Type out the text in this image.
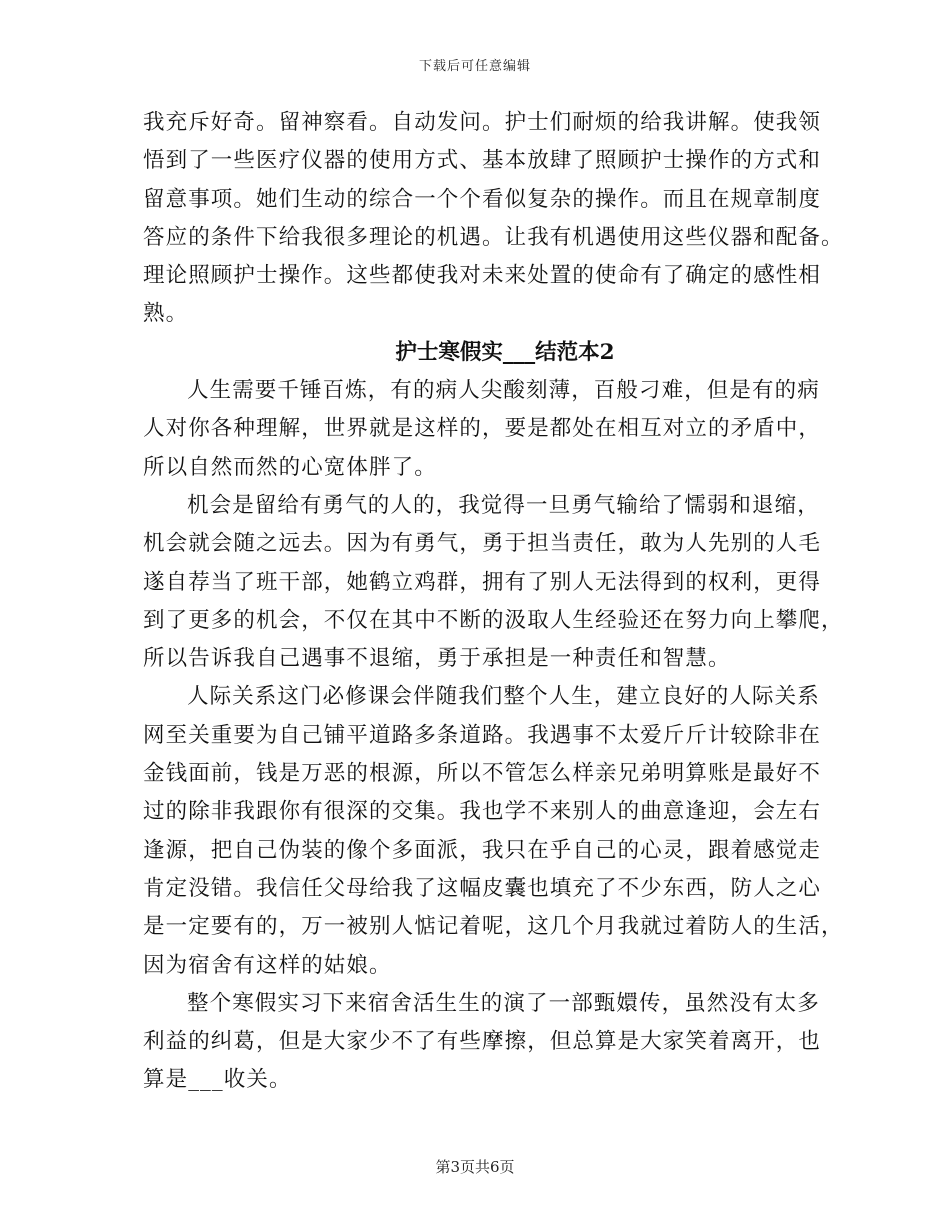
下载后可任意编辑
我充斥好奇。留神察看。自动发问。护士们耐烦的给我讲解。使我领
悟到了一些医疗仪器的使用方式、基本放肆了照顾护士操作的方式和
留意事项。她们生动的综合一个个看似复杂的操作。而且在规章制度
答应的条件下给我很多理论的机遇。让我有机遇使用这些仪器和配备。
理论照顾护士操作。这些都使我对未来处置的使命有了确定的感性相
熟。
护士寒假实___结范本2
人生需要千锤百炼，有的病人尖酸刻薄，百般刁难，但是有的病
人对你各种理解，世界就是这样的，要是都处在相互对立的矛盾中，
所以自然而然的心宽体胖了。
机会是留给有勇气的人的，我觉得一旦勇气输给了懦弱和退缩，
机会就会随之远去。因为有勇气，勇于担当责任，敢为人先别的人毛
遂自荐当了班干部，她鹤立鸡群，拥有了别人无法得到的权利，更得
到了更多的机会，不仅在其中不断的汲取人生经验还在努力向上攀爬，
所以告诉我自己遇事不退缩，勇于承担是一种责任和智慧。
人际关系这门必修课会伴随我们整个人生，建立良好的人际关系
网至关重要为自己铺平道路多条道路。我遇事不太爱斤斤计较除非在
金钱面前，钱是万恶的根源，所以不管怎么样亲兄弟明算账是最好不
过的除非我跟你有很深的交集。我也学不来别人的曲意逢迎，会左右
逢源，把自己伪装的像个多面派，我只在乎自己的心灵，跟着感觉走
肯定没错。我信任父母给我了这幅皮囊也填充了不少东西，防人之心
是一定要有的，万一被别人惦记着呢，这几个月我就过着防人的生活，
因为宿舍有这样的姑娘。
整个寒假实习下来宿舍活生生的演了一部甄嬛传，虽然没有太多
利益的纠葛，但是大家少不了有些摩擦，但总算是大家笑着离开，也
算是___收关。
第3页共6页
